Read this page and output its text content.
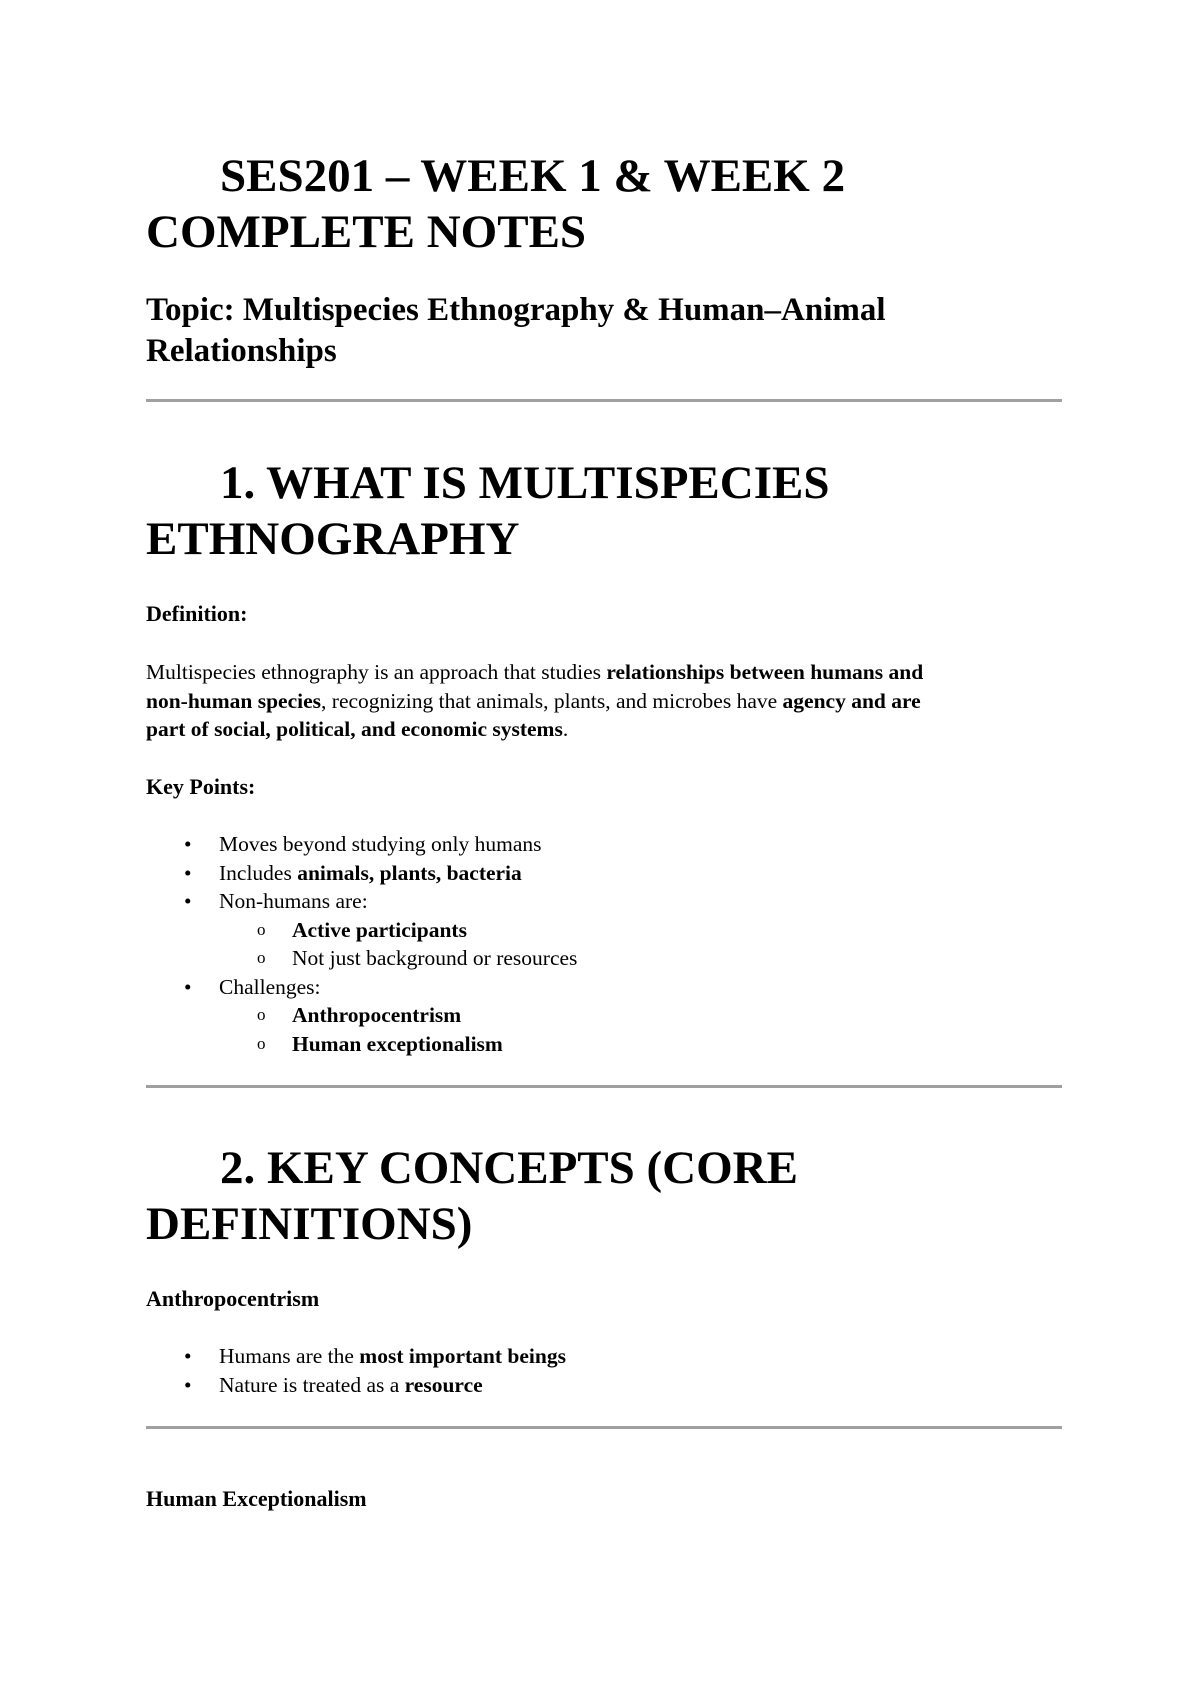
SES201 – WEEK 1 & WEEK 2

COMPLETE NOTES

Topic: Multispecies Ethnography & Human–Animal

Relationships

1. WHAT IS MULTISPECIES

ETHNOGRAPHY

Definition:

Multispecies ethnography is an approach that studies relationships between humans and

non-human species, recognizing that animals, plants, and microbes have agency and are

part of social, political, and economic systems.

Key Points:

• Moves beyond studying only humans
• Includes animals, plants, bacteria
• Non-humans are:
o Active participants
o Not just background or resources
• Challenges:
o Anthropocentrism
o Human exceptionalism

2. KEY CONCEPTS (CORE

DEFINITIONS)

Anthropocentrism

• Humans are the most important beings
• Nature is treated as a resource

Human Exceptionalism
